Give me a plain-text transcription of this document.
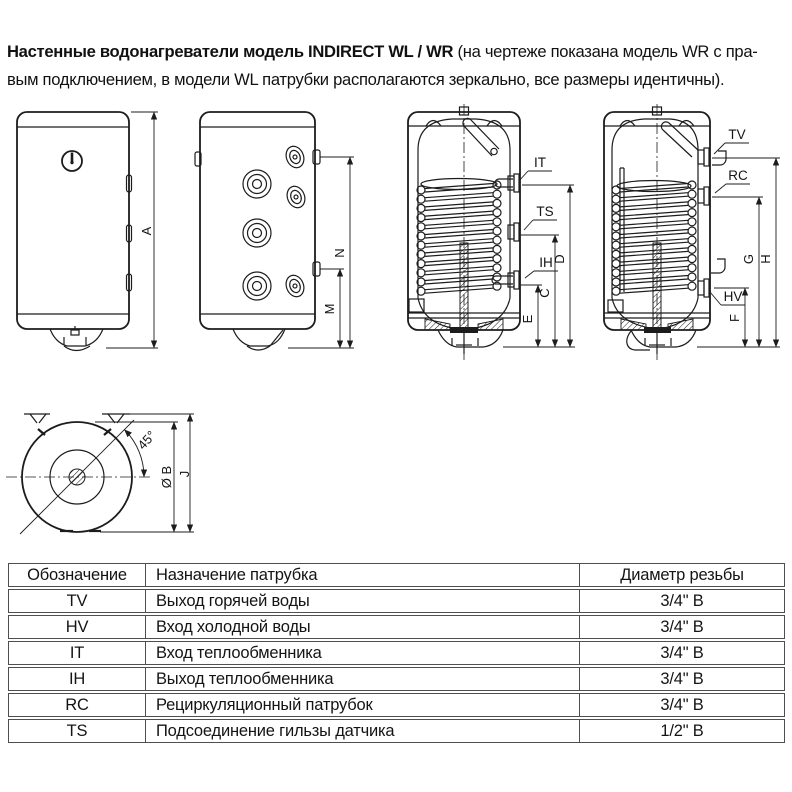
Настенные водонагреватели модель INDIRECT WL / WR (на чертеже показана модель WR с пра-
вым подключением, в модели WL патрубки располагаются зеркально, все размеры идентичны).
A
N
M
IT
TS
IH D
C
E
TV
RC
HV
H
G
F
45°
Ø B J
Обозначение	Назначение патрубка	Диаметр резьбы
TV	Выход горячей воды	3/4" В
HV	Вход холодной воды	3/4" В
IT	Вход теплообменника	3/4" В
IH	Выход теплообменника	3/4" В
RC	Рециркуляционный патрубок	3/4" В
TS	Подсоединение гильзы датчика	1/2" В
